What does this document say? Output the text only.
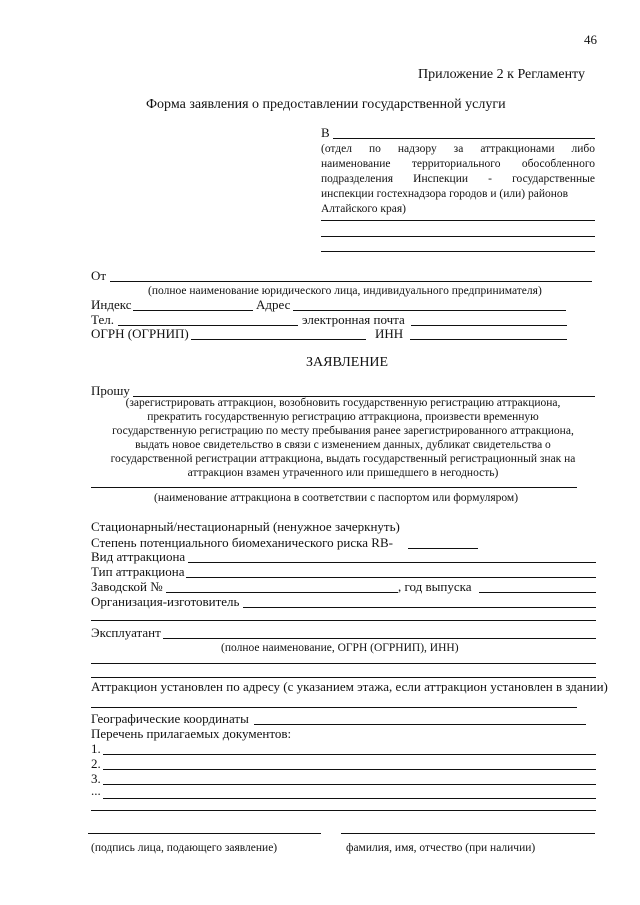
46
Приложение 2 к Регламенту
Форма заявления о предоставлении государственной услуги
В
(отдел по надзору за аттракционами либо
наименование территориального обособленного
подразделения Инспекции - государственные
инспекции гостехнадзора городов и (или) районов
Алтайского края)
От
(полное наименование юридического лица, индивидуального предпринимателя)
Индекс	Адрес
Тел.	электронная почта
ОГРН (ОГРНИП)	ИНН
ЗАЯВЛЕНИЕ
Прошу
(зарегистрировать аттракцион, возобновить государственную регистрацию аттракциона,
прекратить государственную регистрацию аттракциона, произвести временную
государственную регистрацию по месту пребывания ранее зарегистрированного аттракциона,
выдать новое свидетельство в связи с изменением данных, дубликат свидетельства о
государственной регистрации аттракциона, выдать государственный регистрационный знак на
аттракцион взамен утраченного или пришедшего в негодность)
(наименование аттракциона в соответствии с паспортом или формуляром)
Стационарный/нестационарный (ненужное зачеркнуть)
Степень потенциального биомеханического риска RB-
Вид аттракциона
Тип аттракциона
Заводской №	, год выпуска
Организация-изготовитель
Эксплуатант
(полное наименование, ОГРН (ОГРНИП), ИНН)
Аттракцион установлен по адресу (с указанием этажа, если аттракцион установлен в здании)
Географические координаты
Перечень прилагаемых документов:
1.
2.
3.
...
(подпись лица, подающего заявление)	фамилия, имя, отчество (при наличии)
